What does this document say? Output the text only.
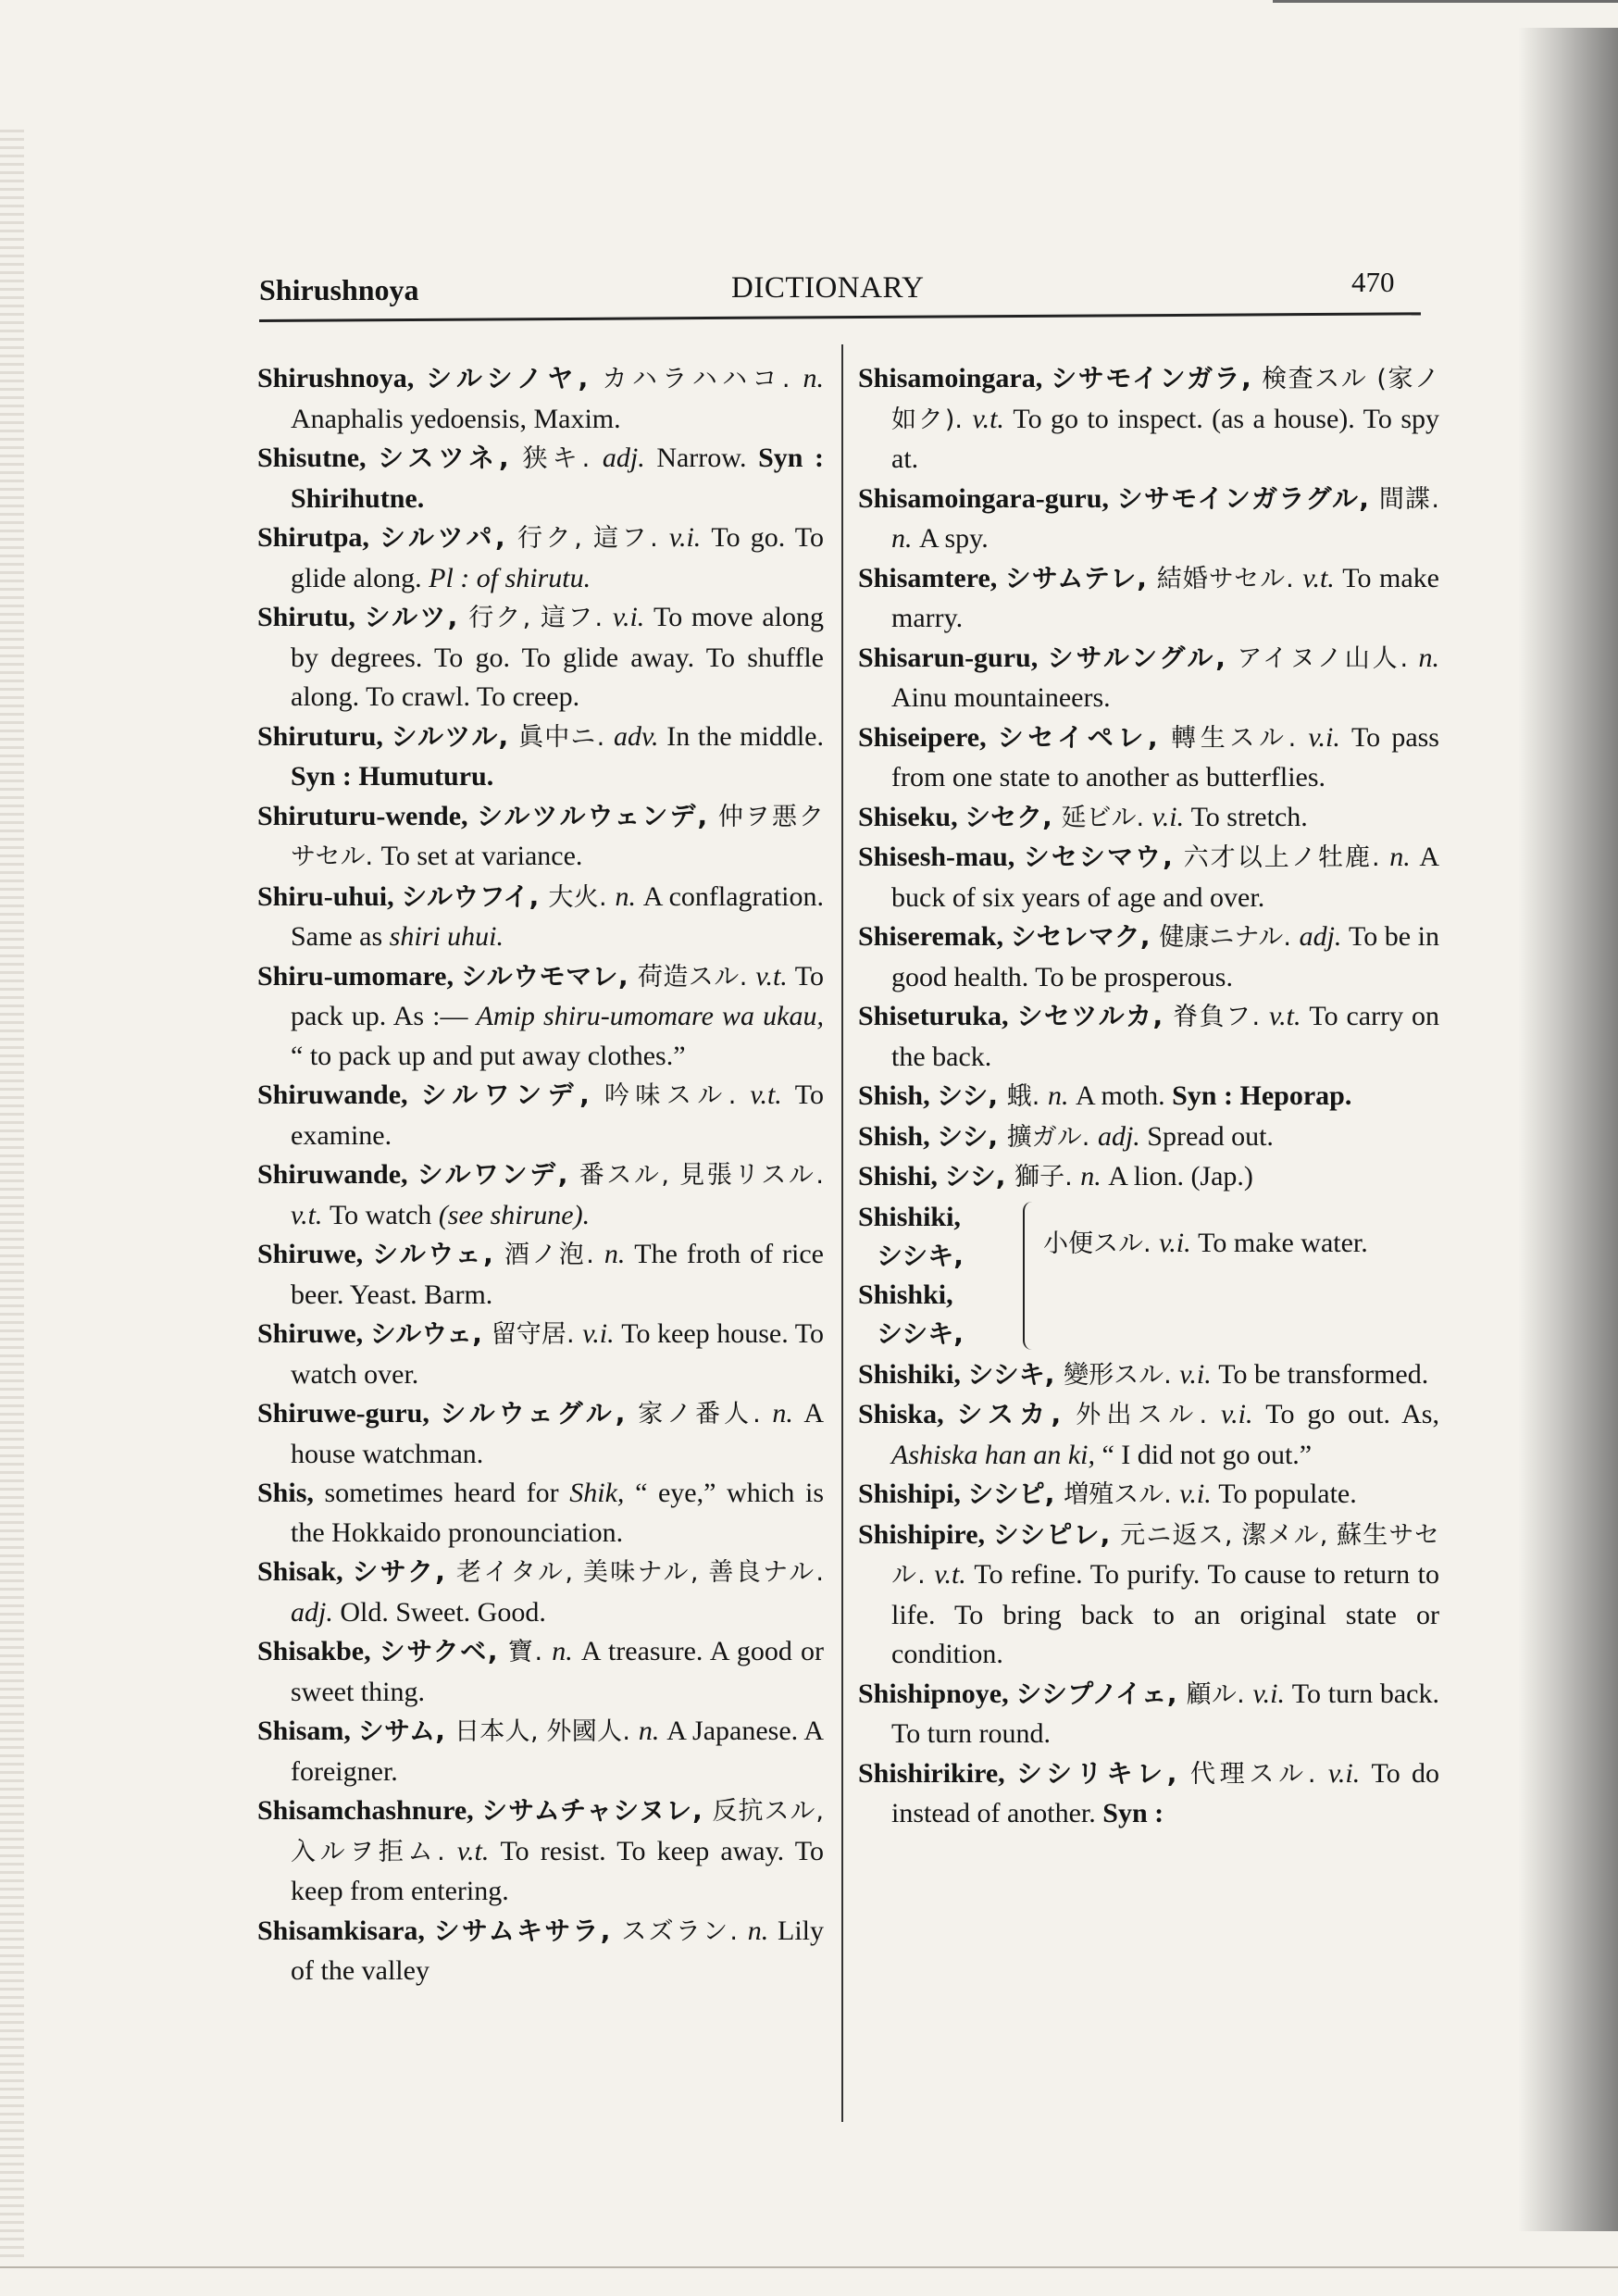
Shirushnoya	DICTIONARY	470

Shirushnoya, シルシノヤ, カハラハハコ. n. Anaphalis yedoensis, Maxim.

Shisutne, シスツネ, 狭キ. adj. Narrow. Syn : Shirihutne.

Shirutpa, シルツパ, 行ク, 這フ. v.i. To go. To glide along. Pl : of shirutu.

Shirutu, シルツ, 行ク, 這フ. v.i. To move along by degrees. To go. To glide away. To shuffle along. To crawl. To creep.

Shiruturu, シルツル, 眞中ニ. adv. In the middle. Syn : Humuturu.

Shiruturu-wende, シルツルウェンデ, 仲ヲ悪クサセル. To set at variance.

Shiru-uhui, シルウフイ, 大火. n. A conflagration. Same as shiri uhui.

Shiru-umomare, シルウモマレ, 荷造スル. v.t. To pack up. As :— Amip shiru-umomare wa ukau, “ to pack up and put away clothes.”

Shiruwande, シルワンデ, 吟味スル. v.t. To examine.

Shiruwande, シルワンデ, 番スル, 見張リスル. v.t. To watch (see shirune).

Shiruwe, シルウェ, 酒ノ泡. n. The froth of rice beer. Yeast. Barm.

Shiruwe, シルウェ, 留守居. v.i. To keep house. To watch over.

Shiruwe-guru, シルウェグル, 家ノ番人. n. A house watchman.

Shis, sometimes heard for Shik, “ eye,” which is the Hokkaido pronounciation.

Shisak, シサク, 老イタル, 美味ナル, 善良ナル. adj. Old. Sweet. Good.

Shisakbe, シサクベ, 寶. n. A treasure. A good or sweet thing.

Shisam, シサム, 日本人, 外國人. n. A Japanese. A foreigner.

Shisamchashnure, シサムチャシヌレ, 反抗スル, 入ルヲ拒ム. v.t. To resist. To keep away. To keep from entering.

Shisamkisara, シサムキサラ, スズラン. n. Lily of the valley

Shisamoingara, シサモインガラ, 検査スル (家ノ如ク). v.t. To go to inspect. (as a house). To spy at.

Shisamoingara-guru, シサモインガラグル, 間諜. n. A spy.

Shisamtere, シサムテレ, 結婚サセル. v.t. To make marry.

Shisarun-guru, シサルングル, アイヌノ山人. n. Ainu mountaineers.

Shiseipere, シセイペレ, 轉生スル. v.i. To pass from one state to another as butterflies.

Shiseku, シセク, 延ビル. v.i. To stretch.

Shisesh-mau, シセシマウ, 六才以上ノ牡鹿. n. A buck of six years of age and over.

Shiseremak, シセレマク, 健康ニナル. adj. To be in good health. To be prosperous.

Shiseturuka, シセツルカ, 脊負フ. v.t. To carry on the back.

Shish, シシ, 蛾. n. A moth. Syn : Heporap.

Shish, シシ, 擴ガル. adj. Spread out.

Shishi, シシ, 獅子. n. A lion. (Jap.)

Shishiki,
シシキ,
Shishki,
シシキ,
小便スル. v.i. To make water.

Shishiki, シシキ, 變形スル. v.i. To be transformed.

Shiska, シスカ, 外出スル. v.i. To go out. As, Ashiska han an ki, “ I did not go out.”

Shishipi, シシピ, 増殖スル. v.i. To populate.

Shishipire, シシピレ, 元ニ返ス, 潔メル, 蘇生サセル. v.t. To refine. To purify. To cause to return to life. To bring back to an original state or condition.

Shishipnoye, シシプノイェ, 顧ル. v.i. To turn back. To turn round.

Shishirikire, シシリキレ, 代理スル. v.i. To do instead of another. Syn :
